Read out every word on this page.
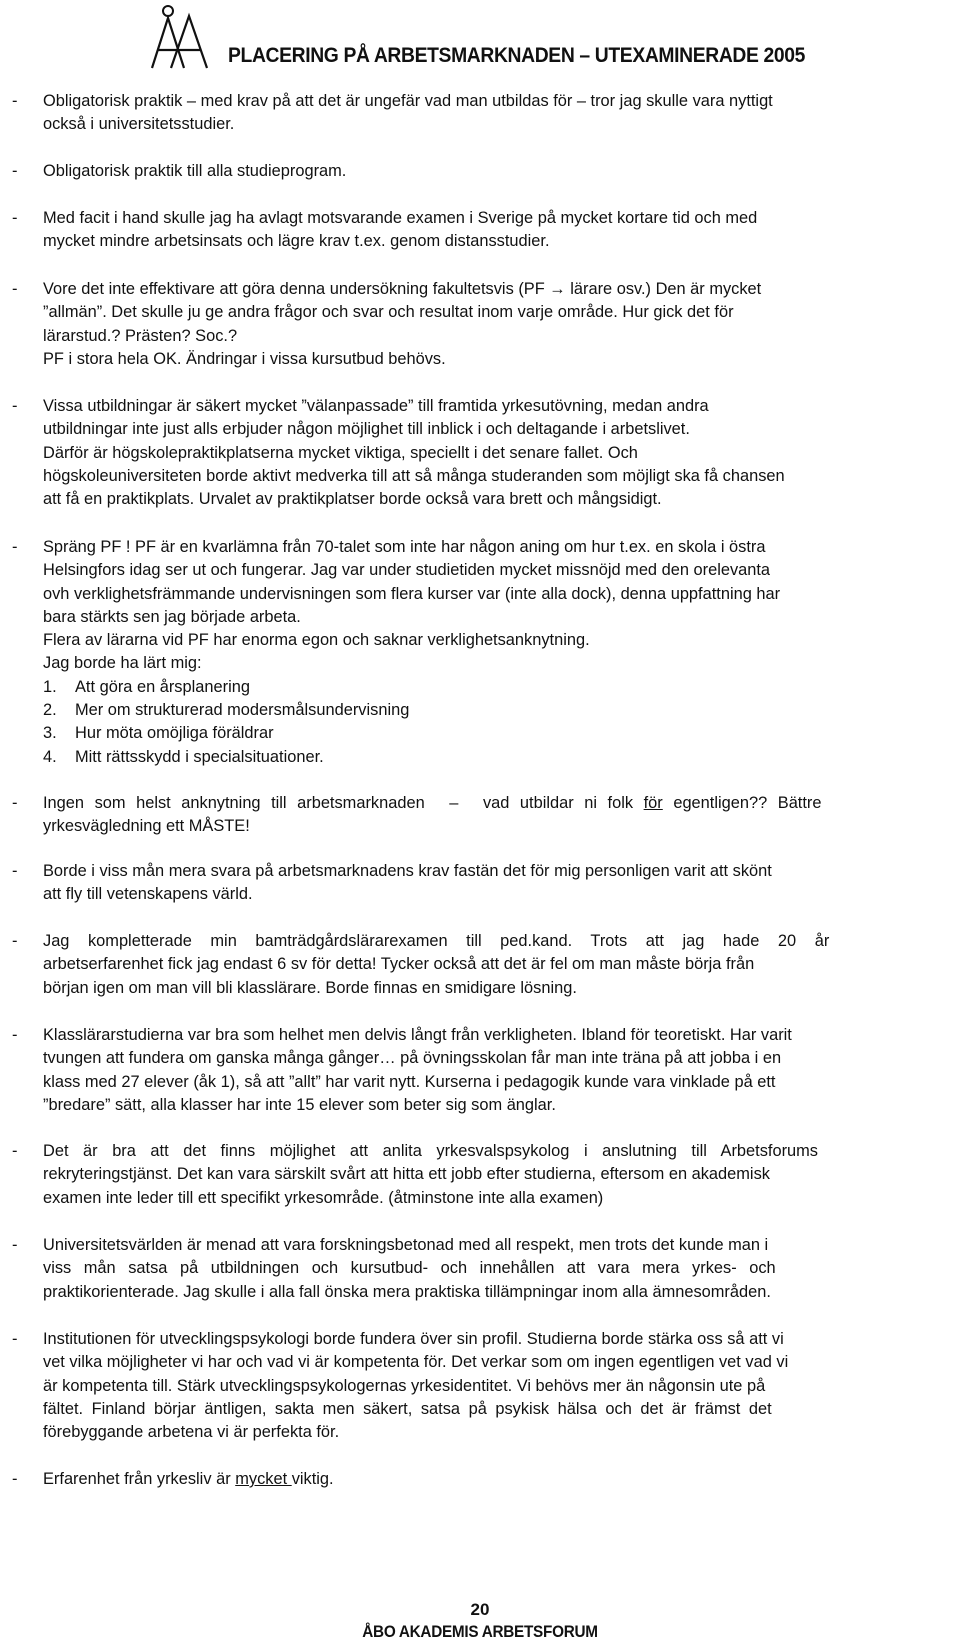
PLACERING PÅ ARBETSMARKNADEN – UTEXAMINERADE 2005
- Obligatorisk praktik – med krav på att det är ungefär vad man utbildas för – tror jag skulle vara nyttigt
också i universitetsstudier.
- Obligatorisk praktik till alla studieprogram.
- Med facit i hand skulle jag ha avlagt motsvarande examen i Sverige på mycket kortare tid och med
mycket mindre arbetsinsats och lägre krav t.ex. genom distansstudier.
- Vore det inte effektivare att göra denna undersökning fakultetsvis (PF → lärare osv.) Den är mycket
”allmän”. Det skulle ju ge andra frågor och svar och resultat inom varje område. Hur gick det för
lärarstud.? Prästen? Soc.?
PF i stora hela OK. Ändringar i vissa kursutbud behövs.
- Vissa utbildningar är säkert mycket ”välanpassade” till framtida yrkesutövning, medan andra
utbildningar inte just alls erbjuder någon möjlighet till inblick i och deltagande i arbetslivet.
Därför är högskolepraktikplatserna mycket viktiga, speciellt i det senare fallet. Och
högskoleuniversiteten borde aktivt medverka till att så många studeranden som möjligt ska få chansen
att få en praktikplats. Urvalet av praktikplatser borde också vara brett och mångsidigt.
- Spräng PF ! PF är en kvarlämna från 70-talet som inte har någon aning om hur t.ex. en skola i östra
Helsingfors idag ser ut och fungerar. Jag var under studietiden mycket missnöjd med den orelevanta
ovh verklighetsfrämmande undervisningen som flera kurser var (inte alla dock), denna uppfattning har
bara stärkts sen jag började arbeta.
Flera av lärarna vid PF har enorma egon och saknar verklighetsanknytning.
Jag borde ha lärt mig:
1. Att göra en årsplanering
2. Mer om strukturerad modersmålsundervisning
3. Hur möta omöjliga föräldrar
4. Mitt rättsskydd i specialsituationer.
- Ingen som helst anknytning till arbetsmarknaden – vad utbildar ni folk för egentligen?? Bättre
yrkesvägledning ett MÅSTE!
- Borde i viss mån mera svara på arbetsmarknadens krav fastän det för mig personligen varit att skönt
att fly till vetenskapens värld.
- Jag kompletterade min bamträdgårdslärarexamen till ped.kand. Trots att jag hade 20 år
arbetserfarenhet fick jag endast 6 sv för detta! Tycker också att det är fel om man måste börja från
början igen om man vill bli klasslärare. Borde finnas en smidigare lösning.
- Klasslärarstudierna var bra som helhet men delvis långt från verkligheten. Ibland för teoretiskt. Har varit
tvungen att fundera om ganska många gånger… på övningsskolan får man inte träna på att jobba i en
klass med 27 elever (åk 1), så att ”allt” har varit nytt. Kurserna i pedagogik kunde vara vinklade på ett
”bredare” sätt, alla klasser har inte 15 elever som beter sig som änglar.
- Det är bra att det finns möjlighet att anlita yrkesvalspsykolog i anslutning till Arbetsforums
rekryteringstjänst. Det kan vara särskilt svårt att hitta ett jobb efter studierna, eftersom en akademisk
examen inte leder till ett specifikt yrkesområde. (åtminstone inte alla examen)
- Universitetsvärlden är menad att vara forskningsbetonad med all respekt, men trots det kunde man i
viss mån satsa på utbildningen och kursutbud- och innehållen att vara mera yrkes- och
praktikorienterade. Jag skulle i alla fall önska mera praktiska tillämpningar inom alla ämnesområden.
- Institutionen för utvecklingspsykologi borde fundera över sin profil. Studierna borde stärka oss så att vi
vet vilka möjligheter vi har och vad vi är kompetenta för. Det verkar som om ingen egentligen vet vad vi
är kompetenta till. Stärk utvecklingspsykologernas yrkesidentitet. Vi behövs mer än någonsin ute på
fältet. Finland börjar äntligen, sakta men säkert, satsa på psykisk hälsa och det är främst det
förebyggande arbetena vi är perfekta för.
- Erfarenhet från yrkesliv är mycket viktig.
20
ÅBO AKADEMIS ARBETSFORUM
